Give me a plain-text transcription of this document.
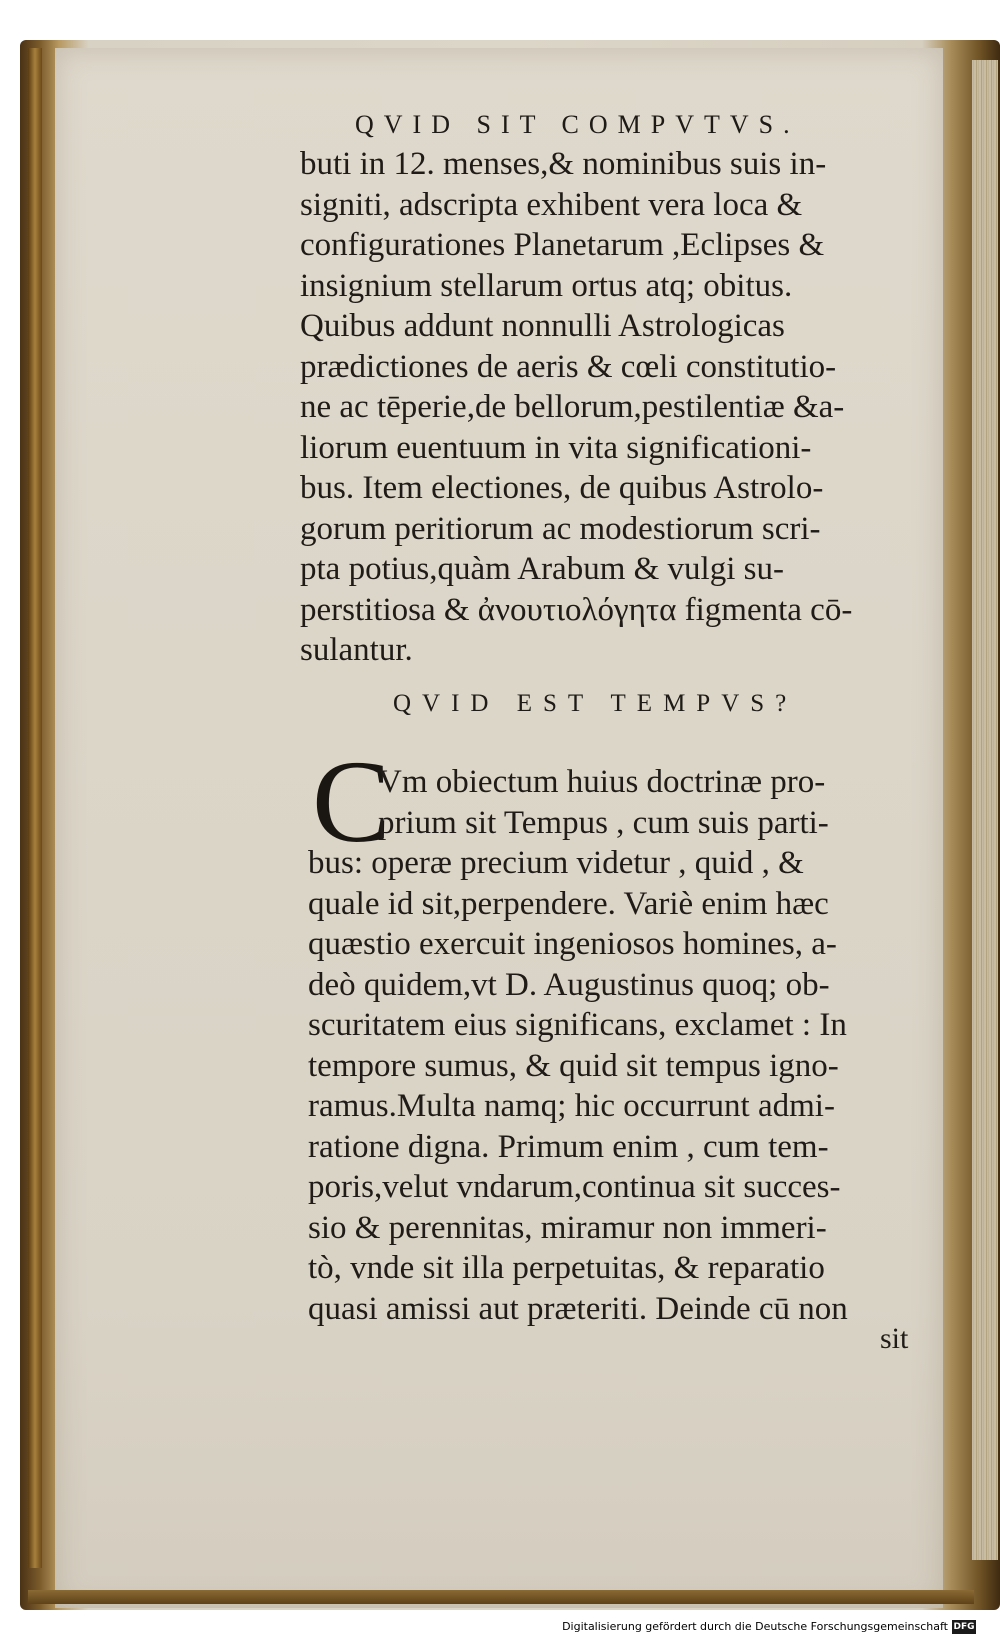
QVID SIT COMPVTVS.
buti in 12. menses,& nominibus suis in-
signiti, adscripta exhibent vera loca &
configurationes Planetarum ,Eclipses &
insignium stellarum ortus atq; obitus.
Quibus addunt nonnulli Astrologicas
prædictiones de aeris & cœli constitutio-
ne ac tēperie,de bellorum,pestilentiæ &a-
liorum euentuum in vita significationi-
bus. Item electiones, de quibus Astrolo-
gorum peritiorum ac modestiorum scri-
pta potius,quàm Arabum & vulgi su-
perstitiosa & ἀνουτιολόγητα figmenta cō-
sulantur.
QVID EST TEMPVS?
C
Vm obiectum huius doctrinæ pro-
prium sit Tempus , cum suis parti-
bus: operæ precium videtur , quid , &
quale id sit,perpendere. Variè enim hæc
quæstio exercuit ingeniosos homines, a-
deò quidem,vt D. Augustinus quoq; ob-
scuritatem eius significans, exclamet : In
tempore sumus, & quid sit tempus igno-
ramus.Multa namq; hic occurrunt admi-
ratione digna. Primum enim , cum tem-
poris,velut vndarum,continua sit succes-
sio & perennitas, miramur non immeri-
tò, vnde sit illa perpetuitas, & reparatio
quasi amissi aut præteriti. Deinde cū non
sit
Digitalisierung gefördert durch die Deutsche Forschungsgemeinschaft DFG
